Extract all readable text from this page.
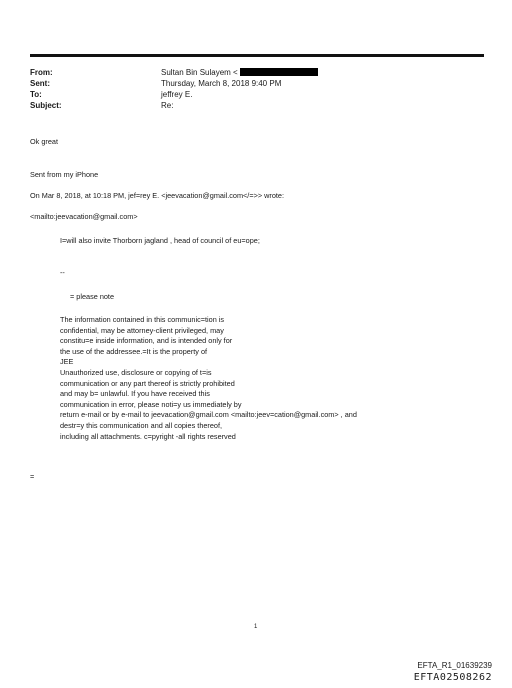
From:	Sultan Bin Sulayem <
Sent:	Thursday, March 8, 2018 9:40 PM
To:	jeffrey E.
Subject:	Re:
Ok great
Sent from my iPhone
On Mar 8, 2018, at 10:18 PM, jef=rey E. <jeevacation@gmail.com</=>> wrote:
<mailto:jeevacation@gmail.com>
I=will also invite Thorborn jagland , head of council of eu=ope;
--
= please note
The information contained in this communic=tion is
confidential, may be attorney-client privileged, may
constitu=e inside information, and is intended only for
the use of the addressee.=It is the property of
JEE
Unauthorized use, disclosure or copying of t=is
communication or any part thereof is strictly prohibited
and may b= unlawful. If you have received this
communication in error, please noti=y us immediately by
return e-mail or by e-mail to jeevacation@gmail.com <mailto:jeev=cation@gmail.com> , and
destr=y this communication and all copies thereof,
including all attachments. c=pyright -all rights reserved
=
1
EFTA_R1_01639239
EFTA02508262
